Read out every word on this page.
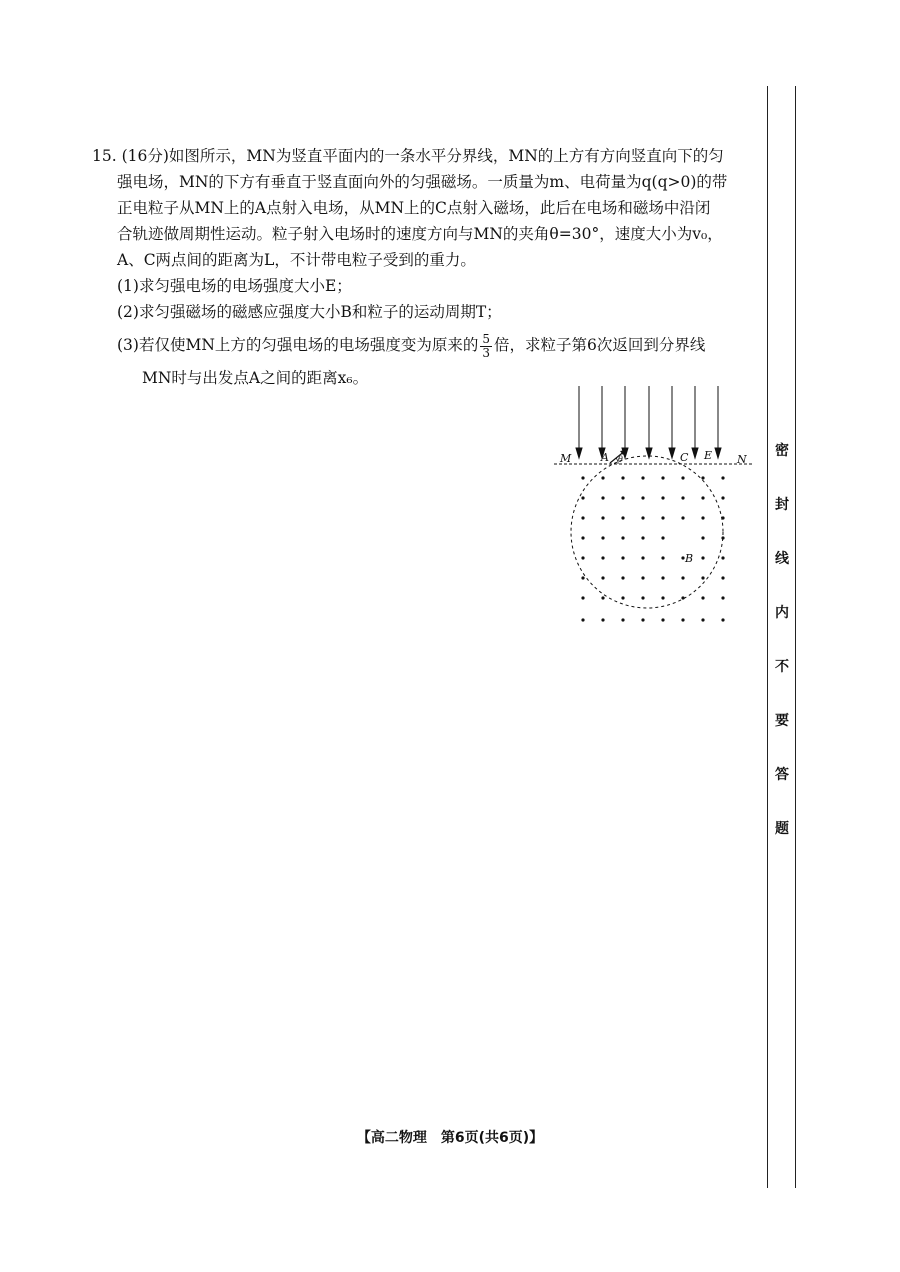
15. (16分)如图所示，MN为竖直平面内的一条水平分界线，MN的上方有方向竖直向下的匀
强电场，MN的下方有垂直于竖直面向外的匀强磁场。一质量为m、电荷量为q(q>0)的带
正电粒子从MN上的A点射入电场，从MN上的C点射入磁场，此后在电场和磁场中沿闭
合轨迹做周期性运动。粒子射入电场时的速度方向与MN的夹角θ=30°，速度大小为v₀，
A、C两点间的距离为L，不计带电粒子受到的重力。
(1)求匀强电场的电场强度大小E；
(2)求匀强磁场的磁感应强度大小B和粒子的运动周期T；
(3)若仅使MN上方的匀强电场的电场强度变为原来的 $\frac{5}{3}$ 倍，求粒子第6次返回到分界线
MN时与出发点A之间的距离x₆。
M	A θ	C E N
B
密
封
线
内
不
要
答
题
【高二物理　第6页(共6页)】
